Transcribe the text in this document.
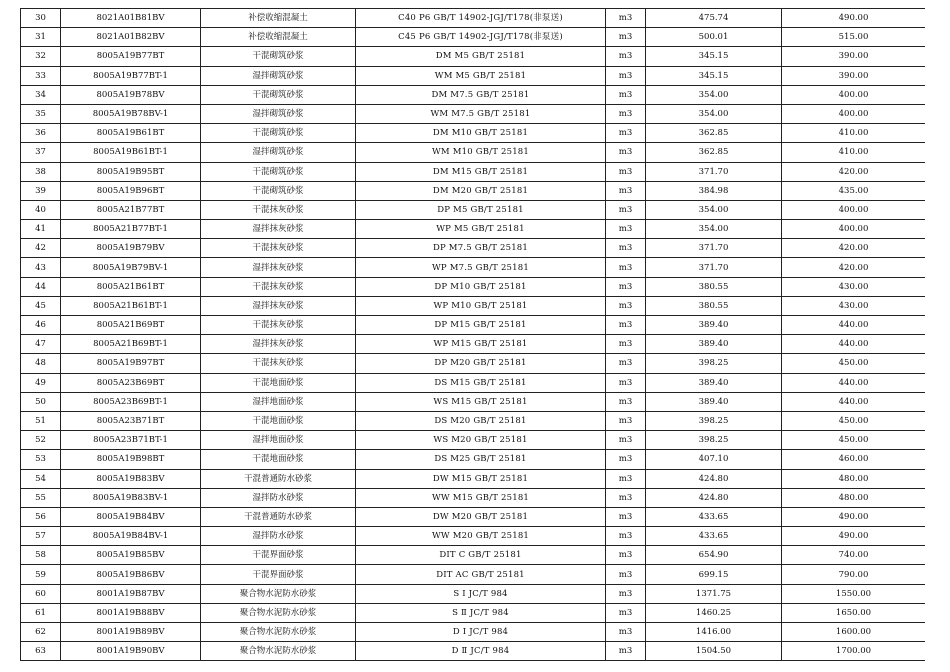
30	8021A01B81BV	补偿收缩混凝土	C40 P6 GB/T 14902-JGJ/T178(非泵送)	m3	475.74	490.00
31	8021A01B82BV	补偿收缩混凝土	C45 P6 GB/T 14902-JGJ/T178(非泵送)	m3	500.01	515.00
32	8005A19B77BT	干混砌筑砂浆	DM M5 GB/T 25181	m3	345.15	390.00
33	8005A19B77BT-1	湿拌砌筑砂浆	WM M5 GB/T 25181	m3	345.15	390.00
34	8005A19B78BV	干混砌筑砂浆	DM M7.5 GB/T 25181	m3	354.00	400.00
35	8005A19B78BV-1	湿拌砌筑砂浆	WM M7.5 GB/T 25181	m3	354.00	400.00
36	8005A19B61BT	干混砌筑砂浆	DM M10 GB/T 25181	m3	362.85	410.00
37	8005A19B61BT-1	湿拌砌筑砂浆	WM M10 GB/T 25181	m3	362.85	410.00
38	8005A19B95BT	干混砌筑砂浆	DM M15 GB/T 25181	m3	371.70	420.00
39	8005A19B96BT	干混砌筑砂浆	DM M20 GB/T 25181	m3	384.98	435.00
40	8005A21B77BT	干混抹灰砂浆	DP M5 GB/T 25181	m3	354.00	400.00
41	8005A21B77BT-1	湿拌抹灰砂浆	WP M5 GB/T 25181	m3	354.00	400.00
42	8005A19B79BV	干混抹灰砂浆	DP M7.5 GB/T 25181	m3	371.70	420.00
43	8005A19B79BV-1	湿拌抹灰砂浆	WP M7.5 GB/T 25181	m3	371.70	420.00
44	8005A21B61BT	干混抹灰砂浆	DP M10 GB/T 25181	m3	380.55	430.00
45	8005A21B61BT-1	湿拌抹灰砂浆	WP M10 GB/T 25181	m3	380.55	430.00
46	8005A21B69BT	干混抹灰砂浆	DP M15 GB/T 25181	m3	389.40	440.00
47	8005A21B69BT-1	湿拌抹灰砂浆	WP M15 GB/T 25181	m3	389.40	440.00
48	8005A19B97BT	干混抹灰砂浆	DP M20 GB/T 25181	m3	398.25	450.00
49	8005A23B69BT	干混地面砂浆	DS M15 GB/T 25181	m3	389.40	440.00
50	8005A23B69BT-1	湿拌地面砂浆	WS M15 GB/T 25181	m3	389.40	440.00
51	8005A23B71BT	干混地面砂浆	DS M20 GB/T 25181	m3	398.25	450.00
52	8005A23B71BT-1	湿拌地面砂浆	WS M20 GB/T 25181	m3	398.25	450.00
53	8005A19B98BT	干混地面砂浆	DS M25 GB/T 25181	m3	407.10	460.00
54	8005A19B83BV	干混普通防水砂浆	DW M15 GB/T 25181	m3	424.80	480.00
55	8005A19B83BV-1	湿拌防水砂浆	WW M15 GB/T 25181	m3	424.80	480.00
56	8005A19B84BV	干混普通防水砂浆	DW M20 GB/T 25181	m3	433.65	490.00
57	8005A19B84BV-1	湿拌防水砂浆	WW M20 GB/T 25181	m3	433.65	490.00
58	8005A19B85BV	干混界面砂浆	DIT C GB/T 25181	m3	654.90	740.00
59	8005A19B86BV	干混界面砂浆	DIT AC GB/T 25181	m3	699.15	790.00
60	8001A19B87BV	聚合物水泥防水砂浆	S Ⅰ JC/T 984	m3	1371.75	1550.00
61	8001A19B88BV	聚合物水泥防水砂浆	S Ⅱ JC/T 984	m3	1460.25	1650.00
62	8001A19B89BV	聚合物水泥防水砂浆	D Ⅰ JC/T 984	m3	1416.00	1600.00
63	8001A19B90BV	聚合物水泥防水砂浆	D Ⅱ JC/T 984	m3	1504.50	1700.00
